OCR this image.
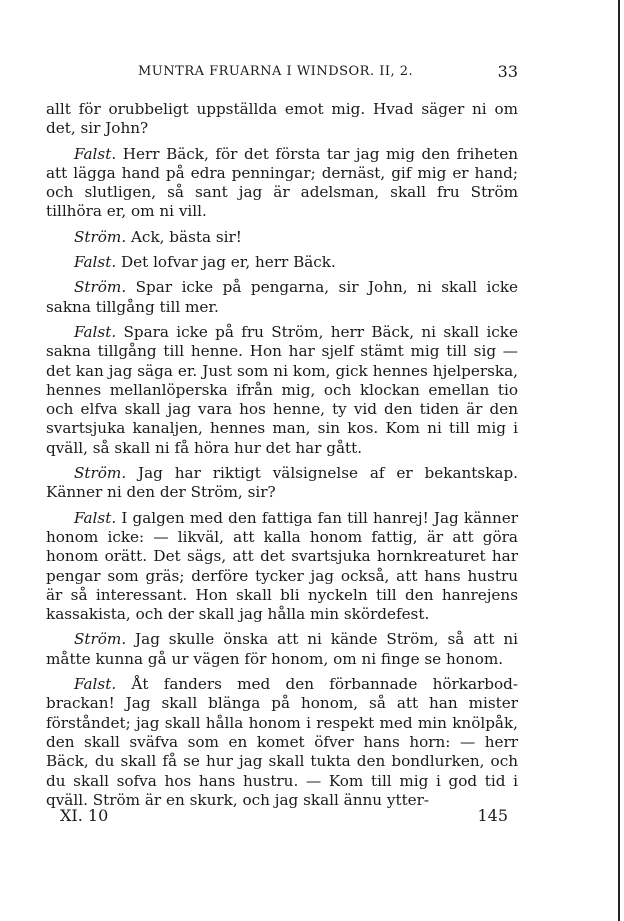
MUNTRA FRUARNA I WINDSOR. II, 2.	33

allt för orubbeligt uppställda emot mig. Hvad säger ni om det, sir John?

Falst. Herr Bäck, för det första tar jag mig den friheten att lägga hand på edra penningar; dernäst, gif mig er hand; och slutligen, så sant jag är adelsman, skall fru Ström tillhöra er, om ni vill.

Ström. Ack, bästa sir!

Falst. Det lofvar jag er, herr Bäck.

Ström. Spar icke på pengarna, sir John, ni skall icke sakna tillgång till mer.

Falst. Spara icke på fru Ström, herr Bäck, ni skall icke sakna tillgång till henne. Hon har sjelf stämt mig till sig — det kan jag säga er. Just som ni kom, gick hennes hjelperska, hennes mellanlöperska ifrån mig, och klockan emellan tio och elfva skall jag vara hos henne, ty vid den tiden är den svartsjuka kanaljen, hennes man, sin kos. Kom ni till mig i qväll, så skall ni få höra hur det har gått.

Ström. Jag har riktigt välsignelse af er bekantskap. Känner ni den der Ström, sir?

Falst. I galgen med den fattiga fan till hanrej! Jag känner honom icke: — likväl, att kalla honom fattig, är att göra honom orätt. Det sägs, att det svartsjuka hornkreaturet har pengar som gräs; derföre tycker jag också, att hans hustru är så interessant. Hon skall bli nyckeln till den hanrejens kassakista, och der skall jag hålla min skördefest.

Ström. Jag skulle önska att ni kände Ström, så att ni måtte kunna gå ur vägen för honom, om ni finge se honom.

Falst. Åt fanders med den förbannade hörkarbod-brackan! Jag skall blänga på honom, så att han mister förståndet; jag skall hålla honom i respekt med min knölpåk, den skall sväfva som en komet öfver hans horn: — herr Bäck, du skall få se hur jag skall tukta den bondlurken, och du skall sofva hos hans hustru. — Kom till mig i god tid i qväll. Ström är en skurk, och jag skall ännu ytter-

XI. 10	145
